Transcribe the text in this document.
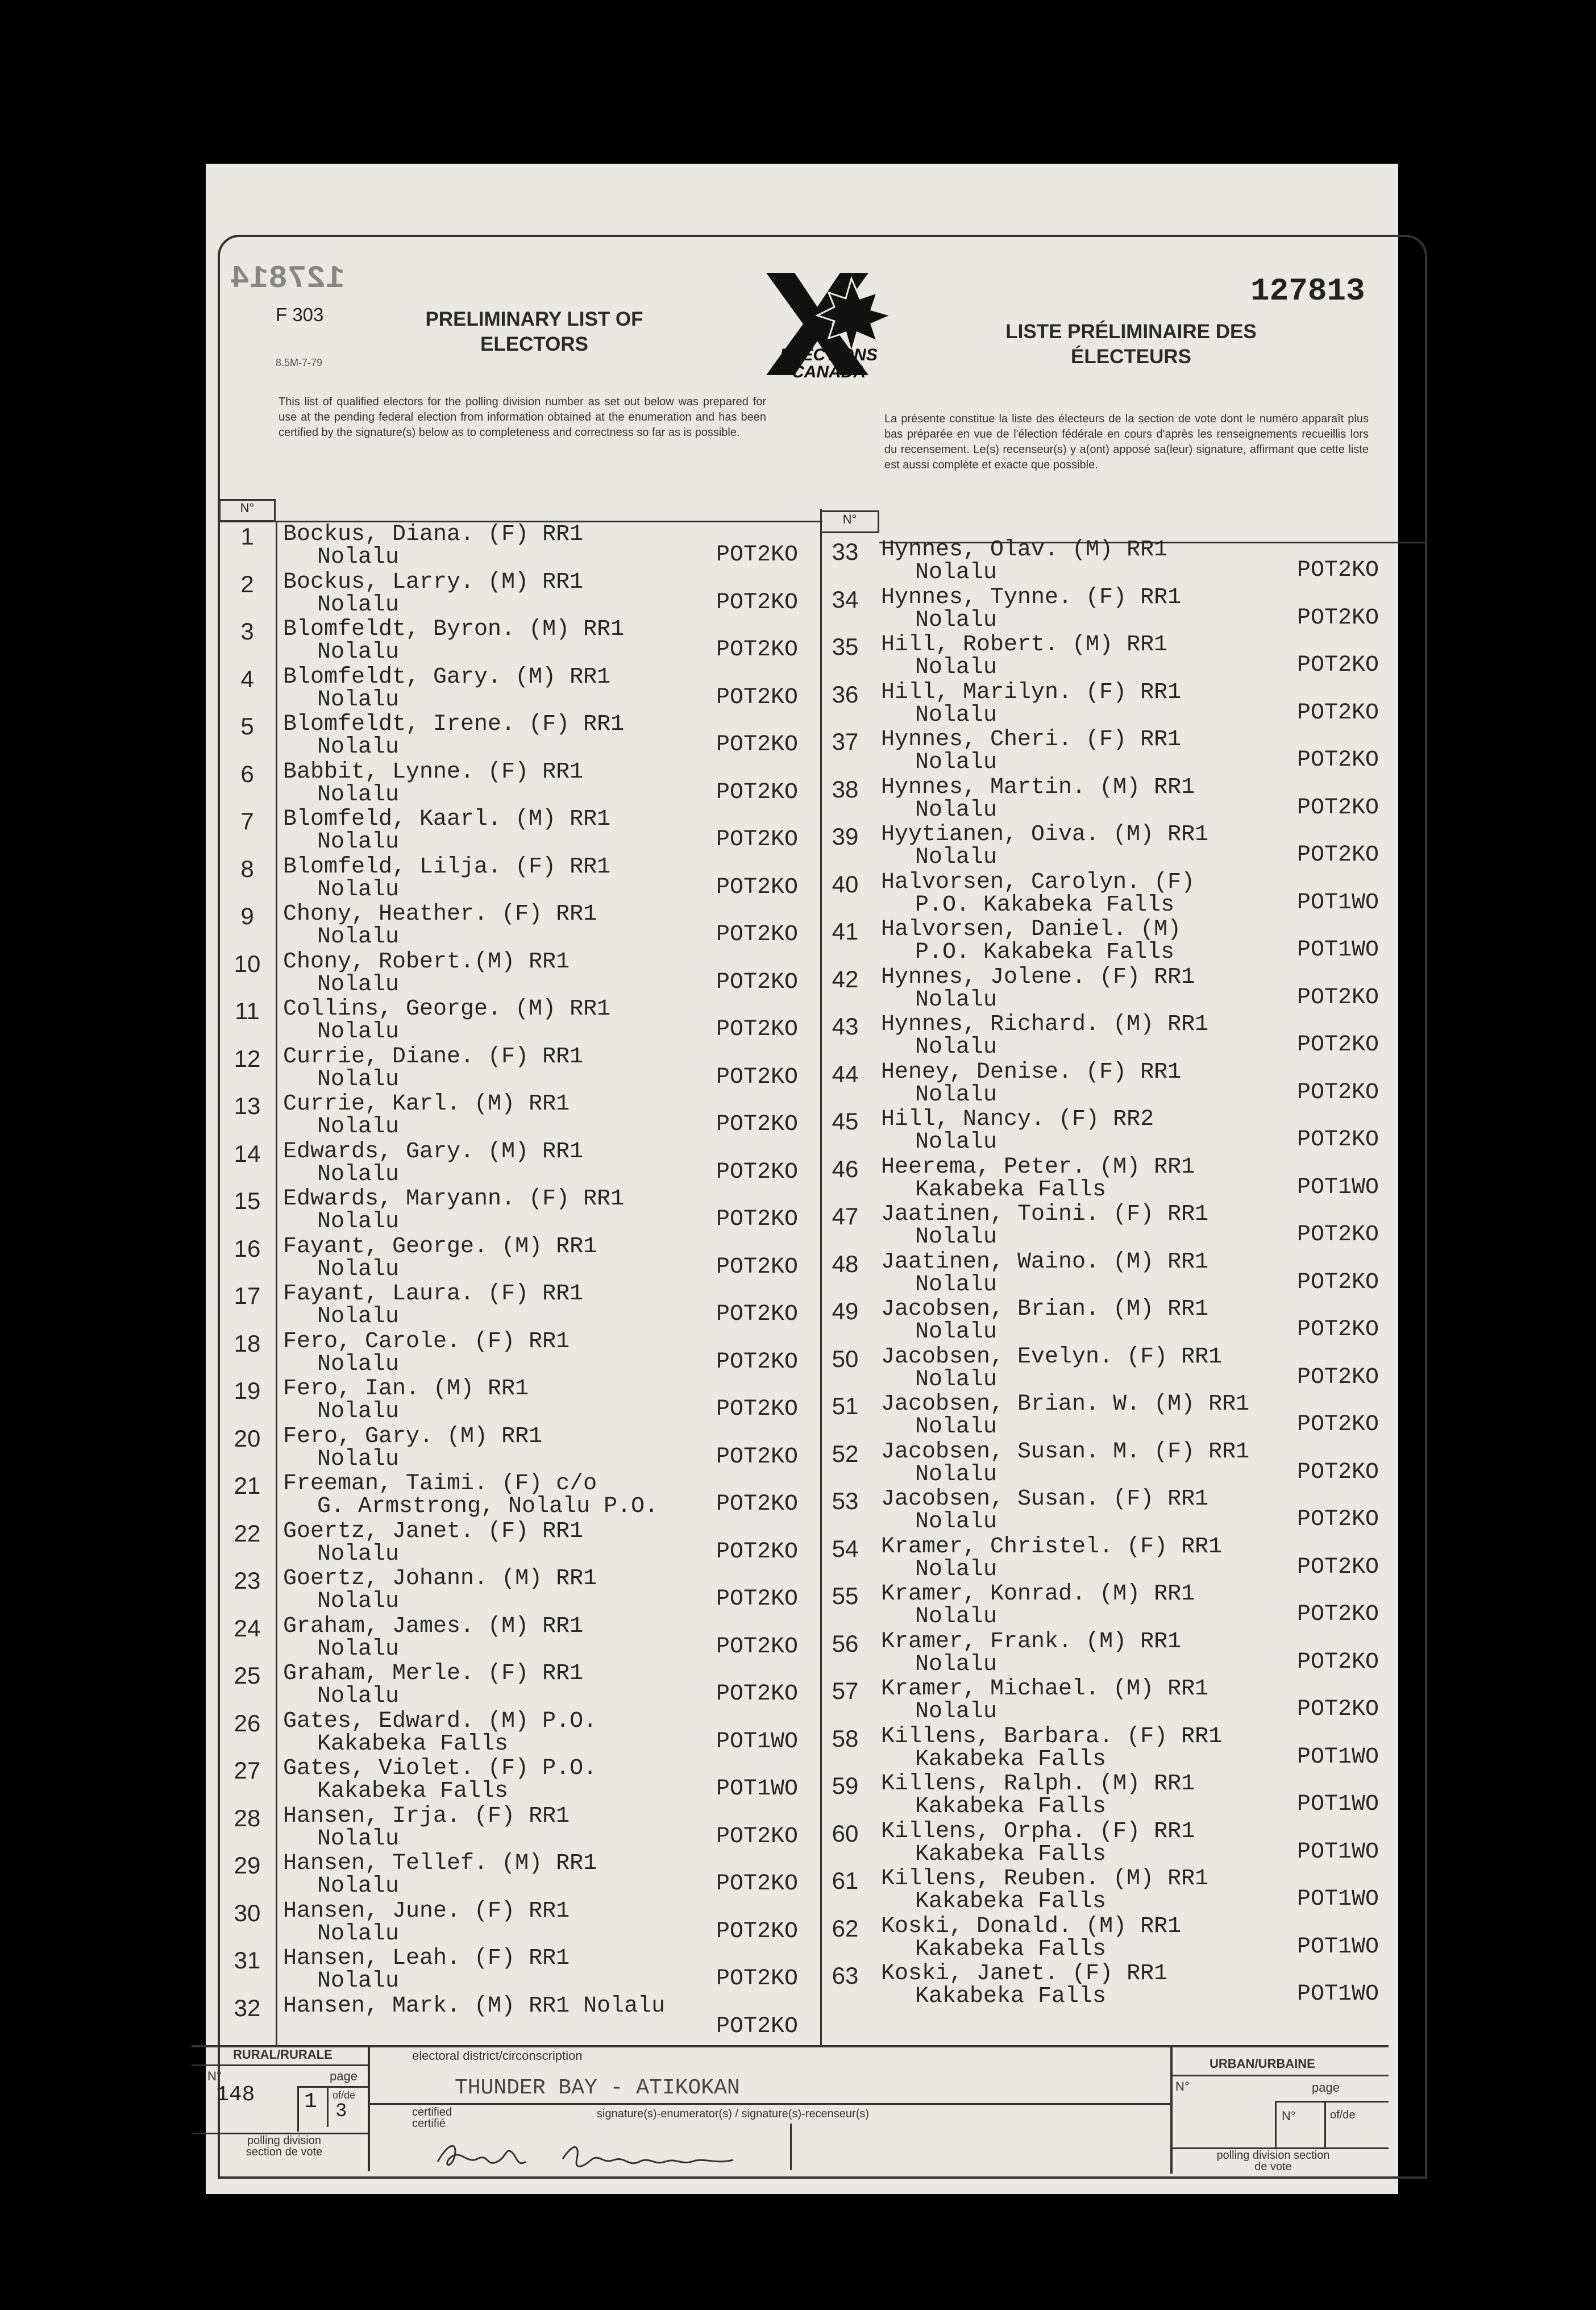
127814
F 303
8.5M-7-79
PRELIMINARY LIST OF ELECTORS
LISTE PRÉLIMINAIRE DES ÉLECTEURS
127813
ELECTIONS CANADA
This list of qualified electors for the polling division number as set out below was prepared for use at the pending federal election from information obtained at the enumeration and has been certified by the signature(s) below as to completeness and correctness so far as is possible.
La présente constitue la liste des électeurs de la section de vote dont le numéro apparaît plus bas préparée en vue de l'élection fédérale en cours d'après les renseignements recueillis lors du recensement. Le(s) recenseur(s) y a(ont) apposé sa(leur) signature, affirmant que cette liste est aussi complète et exacte que possible.
N°
N°
1	Bockus, Diana. (F) RR1
Nolalu	POT2KO
2	Bockus, Larry. (M) RR1
Nolalu	POT2KO
3	Blomfeldt, Byron. (M) RR1
Nolalu	POT2KO
4	Blomfeldt, Gary. (M) RR1
Nolalu	POT2KO
5	Blomfeldt, Irene. (F) RR1
Nolalu	POT2KO
6	Babbit, Lynne. (F) RR1
Nolalu	POT2KO
7	Blomfeld, Kaarl. (M) RR1
Nolalu	POT2KO
8	Blomfeld, Lilja. (F) RR1
Nolalu	POT2KO
9	Chony, Heather. (F) RR1
Nolalu	POT2KO
10 Chony, Robert.(M) RR1
Nolalu	POT2KO
11	Collins, George. (M) RR1
Nolalu	POT2KO
12 Currie, Diane. (F) RR1
Nolalu	POT2KO
13 Currie, Karl. (M) RR1
Nolalu	POT2KO
14 Edwards, Gary. (M) RR1
Nolalu	POT2KO
15 Edwards, Maryann. (F) RR1
Nolalu	POT2KO
16 Fayant, George. (M) RR1
Nolalu	POT2KO
17 Fayant, Laura. (F) RR1
Nolalu	POT2KO
18 Fero, Carole. (F) RR1
Nolalu	POT2KO
19 Fero, Ian. (M) RR1
Nolalu	POT2KO
20 Fero, Gary. (M) RR1
Nolalu	POT2KO
21 Freeman, Taimi. (F) c/o
G. Armstrong, Nolalu P.O.	POT2KO
22 Goertz, Janet. (F) RR1
Nolalu	POT2KO
23 Goertz, Johann. (M) RR1
Nolalu	POT2KO
24 Graham, James. (M) RR1
Nolalu	POT2KO
25 Graham, Merle. (F) RR1
Nolalu	POT2KO
26 Gates, Edward. (M) P.O.
Kakabeka Falls	POT1WO
27 Gates, Violet. (F) P.O.
Kakabeka Falls	POT1WO
28 Hansen, Irja. (F) RR1
Nolalu	POT2KO
29 Hansen, Tellef. (M) RR1
Nolalu	POT2KO
30 Hansen, June. (F) RR1
Nolalu	POT2KO
31 Hansen, Leah. (F) RR1
Nolalu	POT2KO
32 Hansen, Mark. (M) RR1 Nolalu
POT2KO
33 Hynnes, Olav. (M) RR1
Nolalu	POT2KO
34 Hynnes, Tynne. (F) RR1
Nolalu	POT2KO
35 Hill, Robert. (M) RR1
Nolalu	POT2KO
36 Hill, Marilyn. (F) RR1
Nolalu	POT2KO
37 Hynnes, Cheri. (F) RR1
Nolalu	POT2KO
38 Hynnes, Martin. (M) RR1
Nolalu	POT2KO
39 Hyytianen, Oiva. (M) RR1
Nolalu	POT2KO
40 Halvorsen, Carolyn. (F)
P.O. Kakabeka Falls	POT1WO
41 Halvorsen, Daniel. (M)
P.O. Kakabeka Falls	POT1WO
42 Hynnes, Jolene. (F) RR1
Nolalu	POT2KO
43 Hynnes, Richard. (M) RR1
Nolalu	POT2KO
44 Heney, Denise. (F) RR1
Nolalu	POT2KO
45 Hill, Nancy. (F) RR2
Nolalu	POT2KO
46 Heerema, Peter. (M) RR1
Kakabeka Falls	POT1WO
47 Jaatinen, Toini. (F) RR1
Nolalu	POT2KO
48 Jaatinen, Waino. (M) RR1
Nolalu	POT2KO
49 Jacobsen, Brian. (M) RR1
Nolalu	POT2KO
50 Jacobsen, Evelyn. (F) RR1
Nolalu	POT2KO
51 Jacobsen, Brian. W. (M) RR1
Nolalu	POT2KO
52 Jacobsen, Susan. M. (F) RR1
Nolalu	POT2KO
53 Jacobsen, Susan. (F) RR1
Nolalu	POT2KO
54 Kramer, Christel. (F) RR1
Nolalu	POT2KO
55 Kramer, Konrad. (M) RR1
Nolalu	POT2KO
56 Kramer, Frank. (M) RR1
Nolalu	POT2KO
57 Kramer, Michael. (M) RR1
Nolalu	POT2KO
58 Killens, Barbara. (F) RR1
Kakabeka Falls	POT1WO
59 Killens, Ralph. (M) RR1
Kakabeka Falls	POT1WO
60 Killens, Orpha. (F) RR1
Kakabeka Falls	POT1WO
61 Killens, Reuben. (M) RR1
Kakabeka Falls	POT1WO
62 Koski, Donald. (M) RR1
Kakabeka Falls	POT1WO
63 Koski, Janet. (F) RR1
Kakabeka Falls	POT1WO
RURAL/RURALE
N°	page
148 1 of/de
3
polling division section de vote
electoral district/circonscription
THUNDER BAY - ATIKOKAN
certified certifié
signature(s)-enumerator(s) / signature(s)-recenseur(s)
URBAN/URBAINE
N°	page
N°	of/de
polling division section de vote
